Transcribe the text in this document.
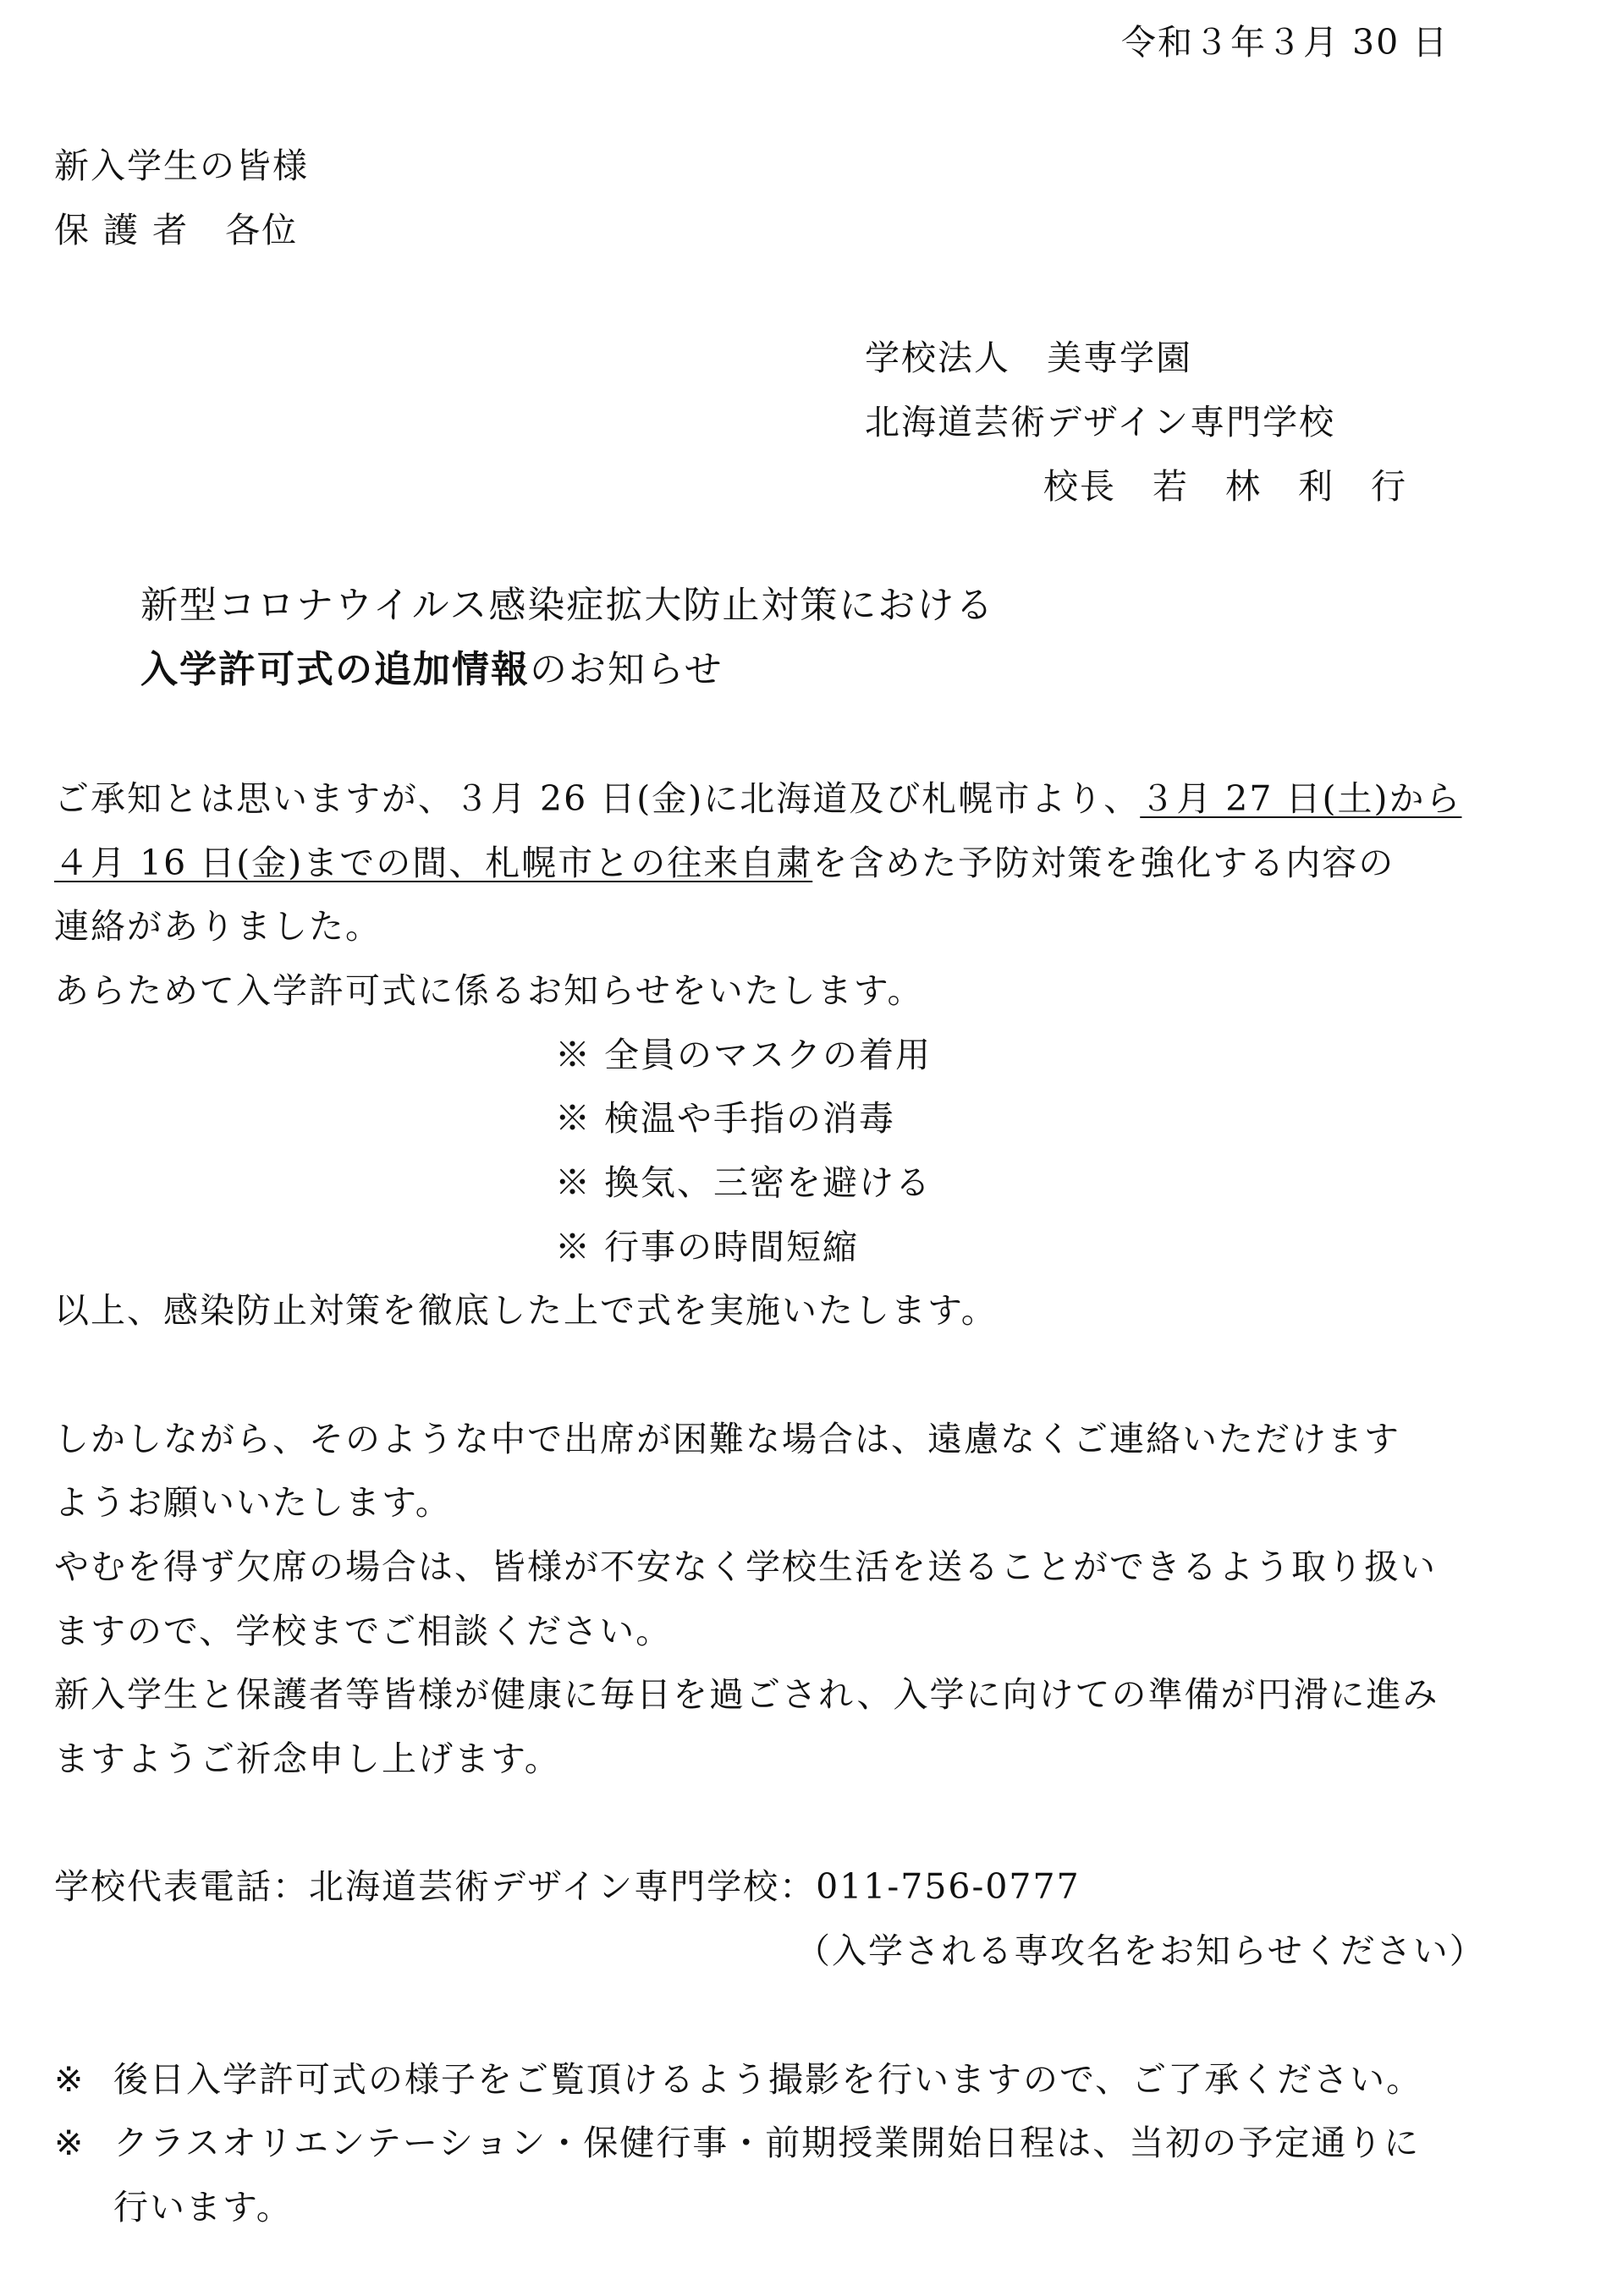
令和３年３月 30 日
新入学生の皆様
保 護 者　各位
学校法人　美専学園
北海道芸術デザイン専門学校
校長　若　林　利　行
新型コロナウイルス感染症拡大防止対策における
入学許可式の追加情報のお知らせ
ご承知とは思いますが、３月 26 日(金)に北海道及び札幌市より、３月 27 日(土)から
４月 16 日(金)までの間、札幌市との往来自粛を含めた予防対策を強化する内容の
連絡がありました。
あらためて入学許可式に係るお知らせをいたします。
※ 全員のマスクの着用
※ 検温や手指の消毒
※ 換気、三密を避ける
※ 行事の時間短縮
以上、感染防止対策を徹底した上で式を実施いたします。
しかしながら、そのような中で出席が困難な場合は、遠慮なくご連絡いただけます
ようお願いいたします。
やむを得ず欠席の場合は、皆様が不安なく学校生活を送ることができるよう取り扱い
ますので、学校までご相談ください。
新入学生と保護者等皆様が健康に毎日を過ごされ、入学に向けての準備が円滑に進み
ますようご祈念申し上げます。
学校代表電話：北海道芸術デザイン専門学校：011-756-0777
（入学される専攻名をお知らせください）
※ 後日入学許可式の様子をご覧頂けるよう撮影を行いますので、ご了承ください。
※ クラスオリエンテーション・保健行事・前期授業開始日程は、当初の予定通りに
行います。
